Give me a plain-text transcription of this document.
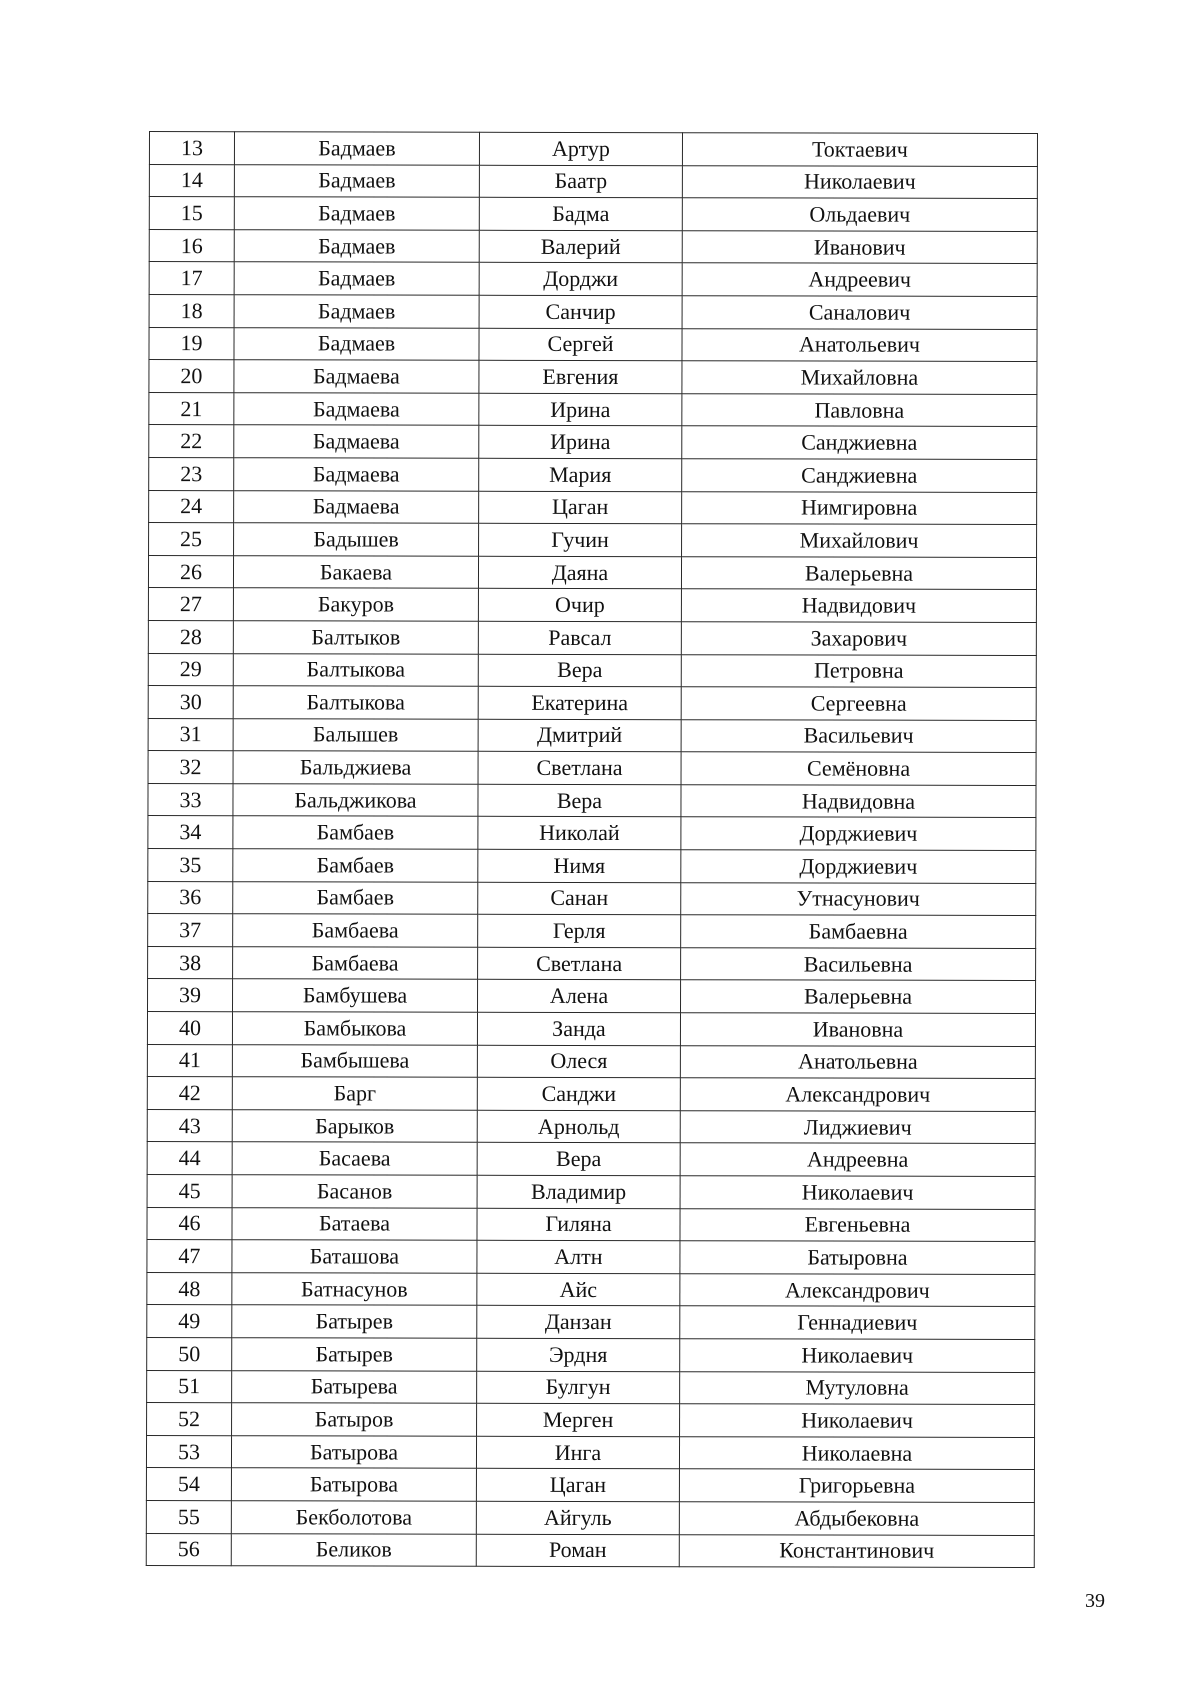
13	Бадмаев	Артур	Токтаевич
14	Бадмаев	Баатр	Николаевич
15	Бадмаев	Бадма	Ольдаевич
16	Бадмаев	Валерий	Иванович
17	Бадмаев	Дорджи	Андреевич
18	Бадмаев	Санчир	Саналович
19	Бадмаев	Сергей	Анатольевич
20	Бадмаева	Евгения	Михайловна
21	Бадмаева	Ирина	Павловна
22	Бадмаева	Ирина	Санджиевна
23	Бадмаева	Мария	Санджиевна
24	Бадмаева	Цаган	Нимгировна
25	Бадышев	Гучин	Михайлович
26	Бакаева	Даяна	Валерьевна
27	Бакуров	Очир	Надвидович
28	Балтыков	Равсал	Захарович
29	Балтыкова	Вера	Петровна
30	Балтыкова	Екатерина	Сергеевна
31	Балышев	Дмитрий	Васильевич
32	Бальджиева	Светлана	Семёновна
33	Бальджикова	Вера	Надвидовна
34	Бамбаев	Николай	Дорджиевич
35	Бамбаев	Нимя	Дорджиевич
36	Бамбаев	Санан	Утнасунович
37	Бамбаева	Герля	Бамбаевна
38	Бамбаева	Светлана	Васильевна
39	Бамбушева	Алена	Валерьевна
40	Бамбыкова	Занда	Ивановна
41	Бамбышева	Олеся	Анатольевна
42	Барг	Санджи	Александрович
43	Барыков	Арнольд	Лиджиевич
44	Басаева	Вера	Андреевна
45	Басанов	Владимир	Николаевич
46	Батаева	Гиляна	Евгеньевна
47	Баташова	Алтн	Батыровна
48	Батнасунов	Айс	Александрович
49	Батырев	Данзан	Геннадиевич
50	Батырев	Эрдня	Николаевич
51	Батырева	Булгун	Мутуловна
52	Батыров	Мерген	Николаевич
53	Батырова	Инга	Николаевна
54	Батырова	Цаган	Григорьевна
55	Бекболотова	Айгуль	Абдыбековна
56	Беликов	Роман	Константинович
39
